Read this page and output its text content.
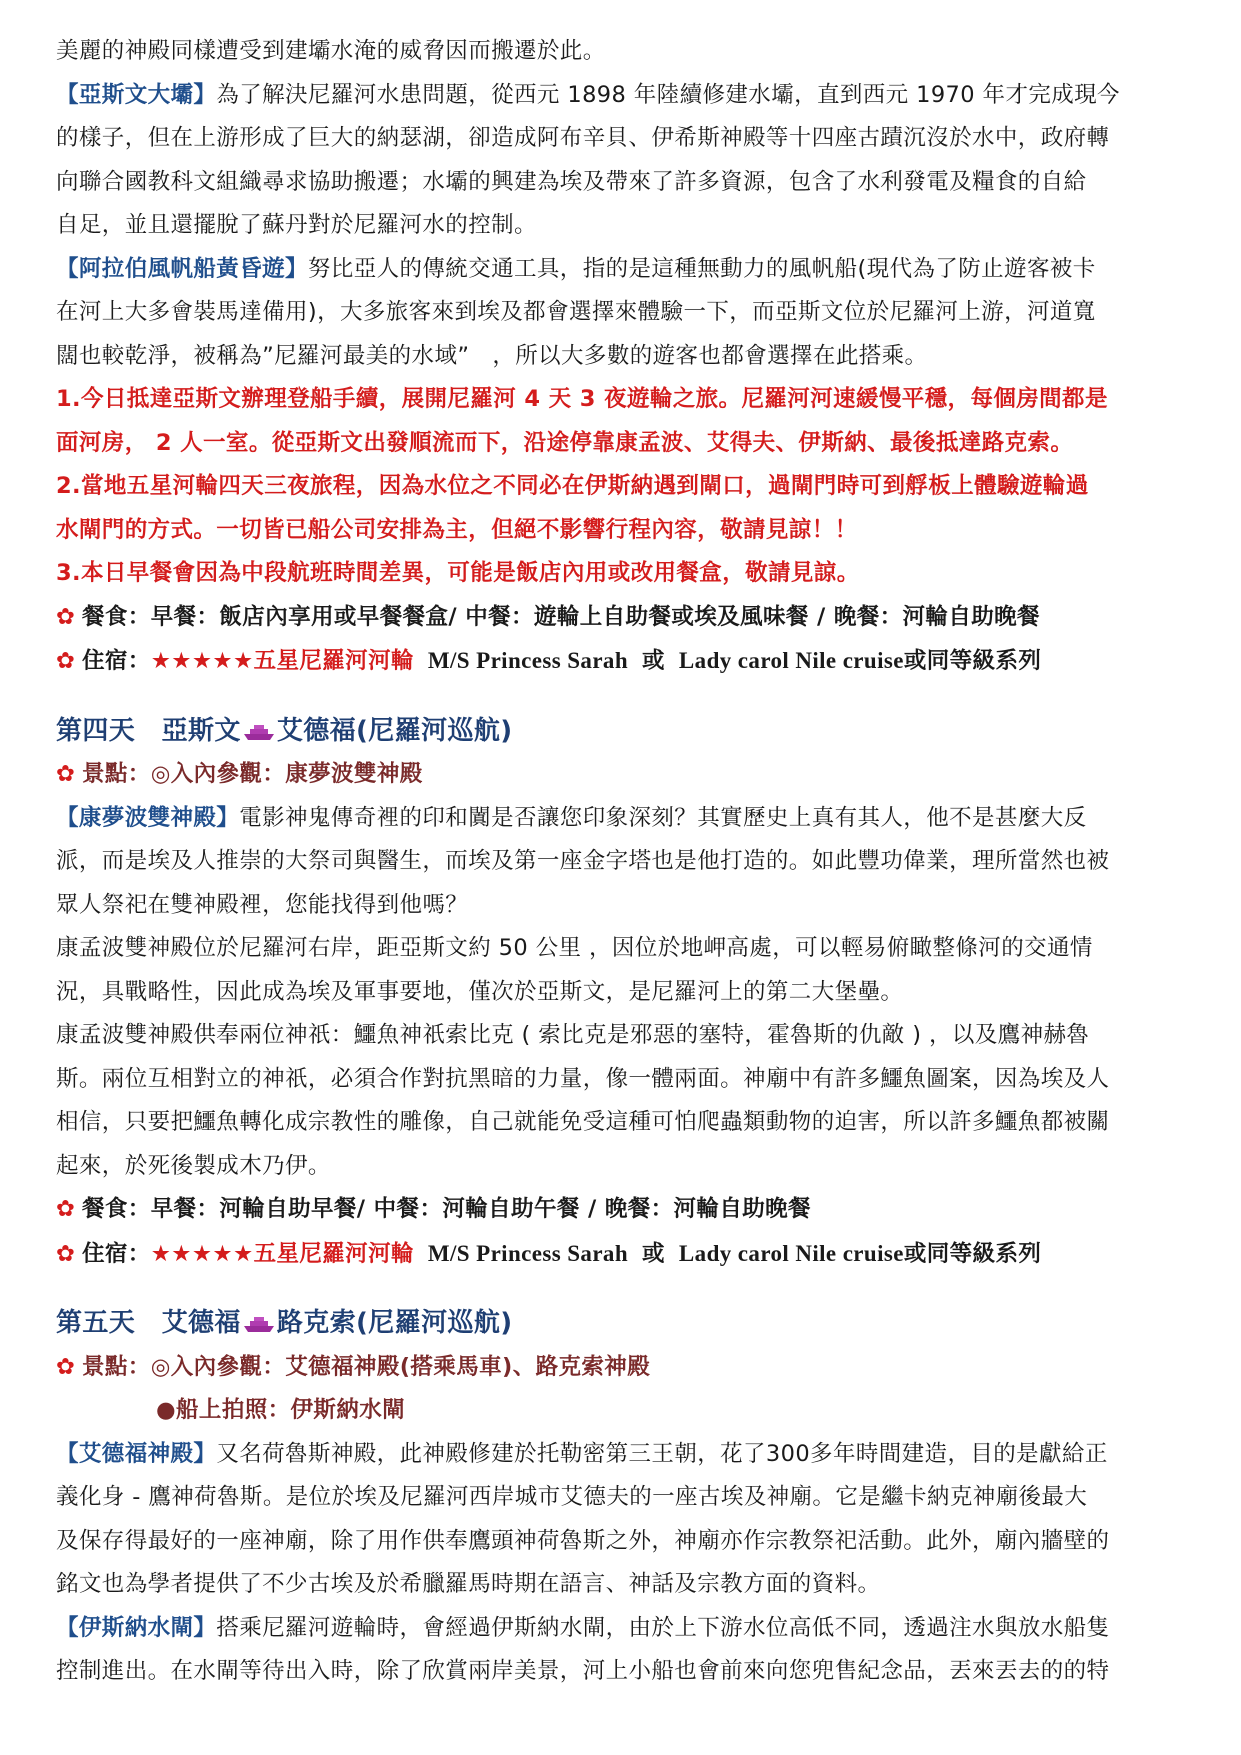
美麗的神殿同樣遭受到建壩水淹的威脅因而搬遷於此。
【亞斯文大壩】為了解決尼羅河水患問題，從西元 1898 年陸續修建水壩，直到西元 1970 年才完成現今
的樣子，但在上游形成了巨大的納瑟湖，卻造成阿布辛貝、伊希斯神殿等十四座古蹟沉沒於水中，政府轉
向聯合國教科文組織尋求協助搬遷；水壩的興建為埃及帶來了許多資源，包含了水利發電及糧食的自給
自足，並且還擺脫了蘇丹對於尼羅河水的控制。
【阿拉伯風帆船黃昏遊】努比亞人的傳統交通工具，指的是這種無動力的風帆船(現代為了防止遊客被卡
在河上大多會裝馬達備用)，大多旅客來到埃及都會選擇來體驗一下，而亞斯文位於尼羅河上游，河道寬
闊也較乾淨，被稱為”尼羅河最美的水域”　，所以大多數的遊客也都會選擇在此搭乘。
1.今日抵達亞斯文辦理登船手續，展開尼羅河 4 天 3 夜遊輪之旅。尼羅河河速緩慢平穩，每個房間都是
面河房， 2 人一室。從亞斯文出發順流而下，沿途停靠康孟波、艾得夫、伊斯納、最後抵達路克索。
2.當地五星河輪四天三夜旅程，因為水位之不同必在伊斯納遇到閘口，過閘門時可到艀板上體驗遊輪過
水閘門的方式。一切皆已船公司安排為主，但絕不影響行程內容，敬請見諒！！
3.本日早餐會因為中段航班時間差異，可能是飯店內用或改用餐盒，敬請見諒。
✿ 餐食：早餐：飯店內享用或早餐餐盒/ 中餐：遊輪上自助餐或埃及風味餐 / 晚餐：河輪自助晚餐
✿ 住宿：★★★★★五星尼羅河河輪 M/S Princess Sarah 或 Lady carol Nile cruise或同等級系列
第四天　亞斯文 艾德福(尼羅河巡航)
✿ 景點：◎入內參觀：康夢波雙神殿
【康夢波雙神殿】電影神鬼傳奇裡的印和闐是否讓您印象深刻？其實歷史上真有其人，他不是甚麼大反
派，而是埃及人推崇的大祭司與醫生，而埃及第一座金字塔也是他打造的。如此豐功偉業，理所當然也被
眾人祭祀在雙神殿裡，您能找得到他嗎？
康孟波雙神殿位於尼羅河右岸，距亞斯文約 50 公里 ，因位於地岬高處，可以輕易俯瞰整條河的交通情
況，具戰略性，因此成為埃及軍事要地，僅次於亞斯文，是尼羅河上的第二大堡壘。
康孟波雙神殿供奉兩位神祇：鱷魚神祇索比克 ( 索比克是邪惡的塞特，霍魯斯的仇敵 ) ，以及鷹神赫魯
斯。兩位互相對立的神祇，必須合作對抗黑暗的力量，像一體兩面。神廟中有許多鱷魚圖案，因為埃及人
相信，只要把鱷魚轉化成宗教性的雕像，自己就能免受這種可怕爬蟲類動物的迫害，所以許多鱷魚都被關
起來，於死後製成木乃伊。
✿ 餐食：早餐：河輪自助早餐/ 中餐：河輪自助午餐 / 晚餐：河輪自助晚餐
✿ 住宿：★★★★★五星尼羅河河輪 M/S Princess Sarah 或 Lady carol Nile cruise或同等級系列
第五天　艾德福 路克索(尼羅河巡航)
✿ 景點：◎入內參觀：艾德福神殿(搭乘馬車)、路克索神殿
●船上拍照：伊斯納水閘
【艾德福神殿】又名荷魯斯神殿，此神殿修建於托勒密第三王朝，花了300多年時間建造，目的是獻給正
義化身 - 鷹神荷魯斯。是位於埃及尼羅河西岸城市艾德夫的一座古埃及神廟。它是繼卡納克神廟後最大
及保存得最好的一座神廟，除了用作供奉鷹頭神荷魯斯之外，神廟亦作宗教祭祀活動。此外，廟內牆壁的
銘文也為學者提供了不少古埃及於希臘羅馬時期在語言、神話及宗教方面的資料。
【伊斯納水閘】搭乘尼羅河遊輪時，會經過伊斯納水閘，由於上下游水位高低不同，透過注水與放水船隻
控制進出。在水閘等待出入時，除了欣賞兩岸美景，河上小船也會前來向您兜售紀念品，丟來丟去的的特
